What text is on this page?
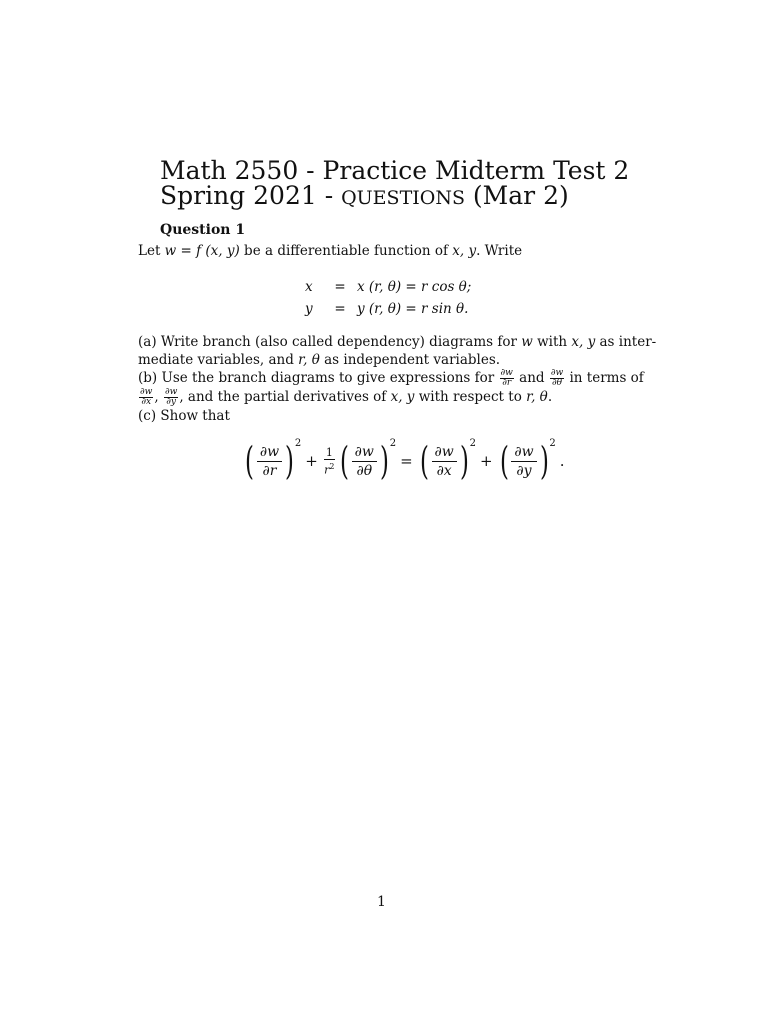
Math 2550 - Practice Midterm Test 2
Spring 2021 - QUESTIONS (Mar 2)
Question 1
Let w = f (x, y) be a differentiable function of x, y. Write
x	=	x (r, θ) = r cos θ;
y	=	y (r, θ) = r sin θ.
(a) Write branch (also called dependency) diagrams for w with x, y as inter-
mediate variables, and r, θ as independent variables.
(b) Use the branch diagrams to give expressions for $\frac{\partial w}{\partial r}$ and $\frac{\partial w}{\partial\theta}$ in terms of
$\frac{\partial w}{\partial x}$ , $\frac{\partial w}{\partial y}$ , and the partial derivatives of x, y with respect to r, θ.
(c) Show that
( $\frac{\partial w}{\partial r}$ ) 2
+ $\frac{1}{r^2}$ ( $\frac{\partial w}{\partial\theta}$ ) 2
= ( $\frac{\partial w}{\partial x}$ ) 2
+ ( $\frac{\partial w}{\partial y}$ ) 2
.
1
